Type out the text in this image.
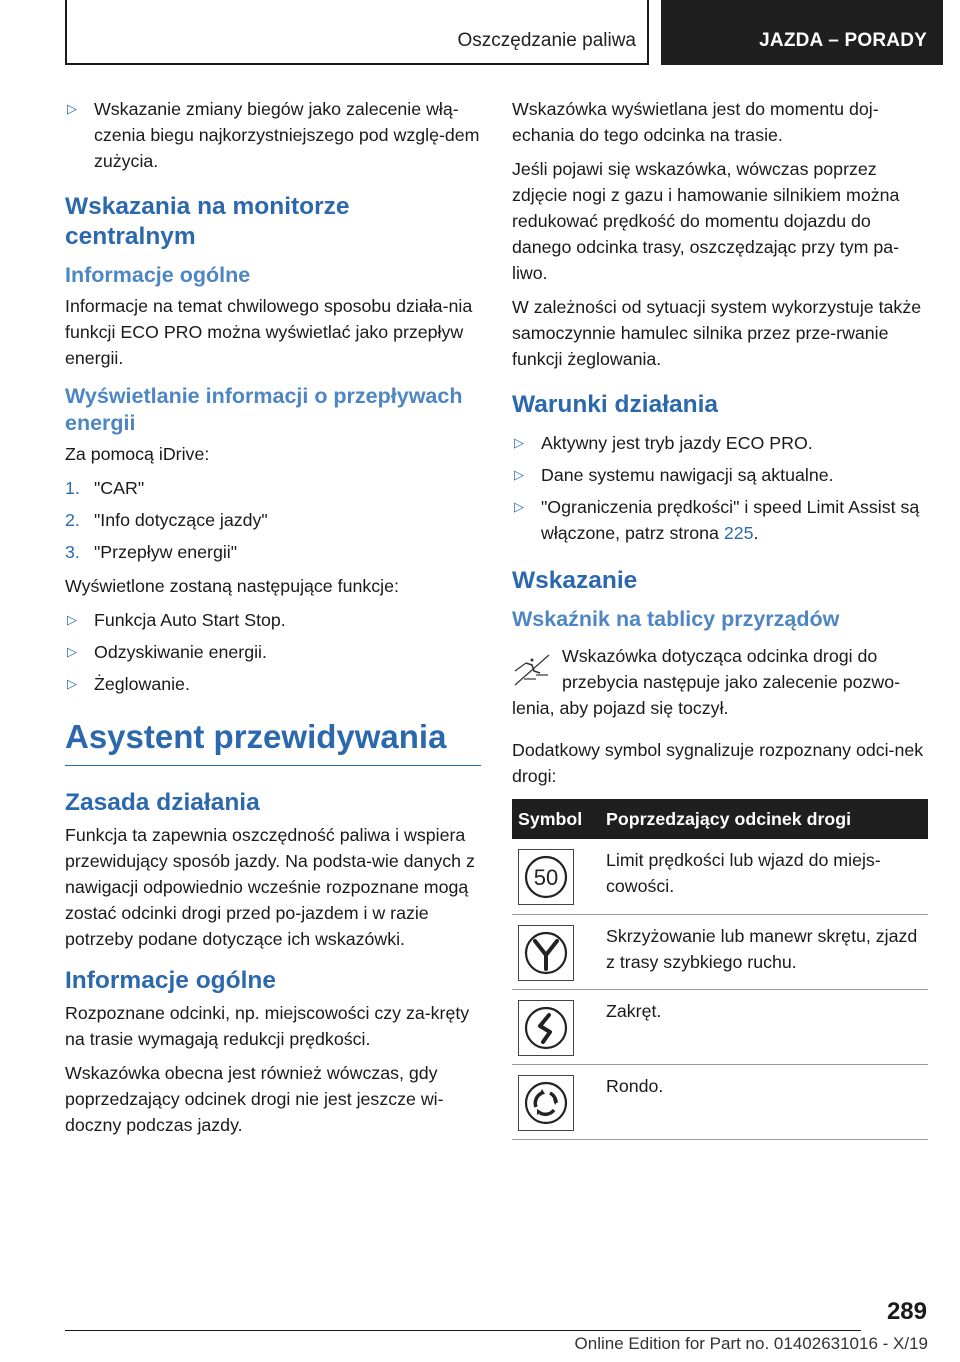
Oszczędzanie paliwa	JAZDA – PORADY
▷ Wskazanie zmiany biegów jako zalecenie włą-czenia biegu najkorzystniejszego pod wzglę-dem zużycia.
Wskazania na monitorze centralnym
Informacje ogólne

Informacje na temat chwilowego sposobu działa-nia funkcji ECO PRO można wyświetlać jako przepływ energii.

Wyświetlanie informacji o przepływach energii

Za pomocą iDrive:

1. "CAR"
2. "Info dotyczące jazdy"
3. "Przepływ energii"

Wyświetlone zostaną następujące funkcje:

▷ Funkcja Auto Start Stop.
▷ Odzyskiwanie energii.
▷ Żeglowanie.
Asystent przewidywania
Zasada działania

Funkcja ta zapewnia oszczędność paliwa i wspiera przewidujący sposób jazdy. Na podsta-wie danych z nawigacji odpowiednio wcześnie rozpoznane mogą zostać odcinki drogi przed po-jazdem i w razie potrzeby podane dotyczące ich wskazówki.

Informacje ogólne

Rozpoznane odcinki, np. miejscowości czy za-kręty na trasie wymagają redukcji prędkości.

Wskazówka obecna jest również wówczas, gdy poprzedzający odcinek drogi nie jest jeszcze wi-doczny podczas jazdy.

Wskazówka wyświetlana jest do momentu doj-echania do tego odcinka na trasie.

Jeśli pojawi się wskazówka, wówczas poprzez zdjęcie nogi z gazu i hamowanie silnikiem można redukować prędkość do momentu dojazdu do danego odcinka trasy, oszczędzając przy tym pa-liwo.

W zależności od sytuacji system wykorzystuje także samoczynnie hamulec silnika przez prze-rwanie funkcji żeglowania.

Warunki działania
▷ Aktywny jest tryb jazdy ECO PRO.
▷ Dane systemu nawigacji są aktualne.
▷ "Ograniczenia prędkości" i speed Limit Assist są włączone, patrz strona 225.
Wskazanie
Wskaźnik na tablicy przyrządów

Wskazówka dotycząca odcinka drogi do przebycia następuje jako zalecenie pozwo-

lenia, aby pojazd się toczył.

Dodatkowy symbol sygnalizuje rozpoznany odci-nek drogi:

Symbol	Poprzedzający odcinek drogi

50	Limit prędkości lub wjazd do miejs-cowości.

	Skrzyżowanie lub manewr skrętu, zjazd z trasy szybkiego ruchu.

	Zakręt.

	Rondo.
289
Online Edition for Part no. 01402631016 - X/19
